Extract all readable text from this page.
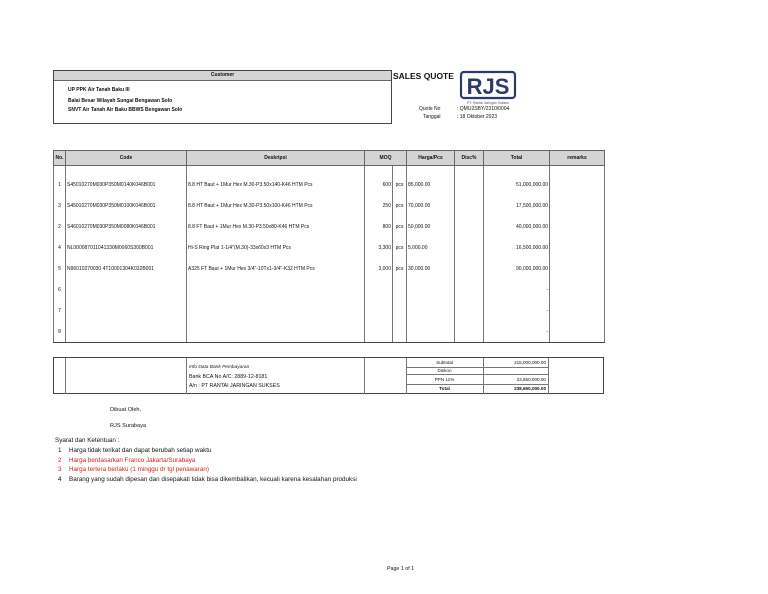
Customer
UP PPK Air Tanah Baku III
Balai Besar Wilayah Sungai Bengawan Solo
SNVT Air Tanah Air Baku BBWS Bengawan Solo
SALES QUOTE RJS
PT. Rantai Jaringan Sukses
Quote No	: QMU2SBY/2310/0004
Tanggal	: 18 Oktober 2023
No.	Code	Deskripsi	MOQ		Harga/Pcs	Disc%	Total	remarks

1	S45010270M030P350M0140K046B001	8.8 HT Baut + 1Mur Hex M.30-P3.50x140-K46 HTM Pcs	600	pcs	85,000.00		51,000,000.00	
3	S45010270M030P350M0100K046B001	8.8 HT Baut + 1Mur Hex M.30-P3.50x100-K46 HTM Pcs	250	pcs	70,000.00		17,500,000.00	
2	S46010270M030P350M0080K046B001	8.8 FT Baut + 1Mur Hex M.30-P3.50x80-K46 HTM Pcs	800	pcs	50,000.00		40,000,000.00	
4	NL000087011041330M0060S300B001	Hi-S Ring Plat 1-1/4"(M.30)-33x60x3 HTM Pcs	3,300	pcs	5,000.00		16,500,000.00	
5	N96010270030 4T10001304K032B001	A325 FT Baut + 1Mur Hex 3/4"-10Tx1-3/4"-K32 HTM Pcs	3,000	pcs	30,000.00		90,000,000.00	
6							-	
7							-	
8							-	
Info Data Bank Pembayaran
Bank BCA No A/C: 2889-12-8181
A/n : PT RANTAI JARINGAN SUKSES
Subtotal	215,000,000.00
Diskon
PPN 11%	23,650,000.00
Total	238,650,000.00
Dibuat Oleh,
RJS Surabaya
Syarat dan Ketentuan :
1 Harga tidak terikat dan dapat berubah setiap waktu
2 Harga berdasarkan Franco Jakarta/Surabaya
3 Harga tertera berlaku (1 minggu dr tgl penawaran)
4 Barang yang sudah dipesan dan disepakati tidak bisa dikembalikan, kecuali karena kesalahan produksi
Page 1 of 1
